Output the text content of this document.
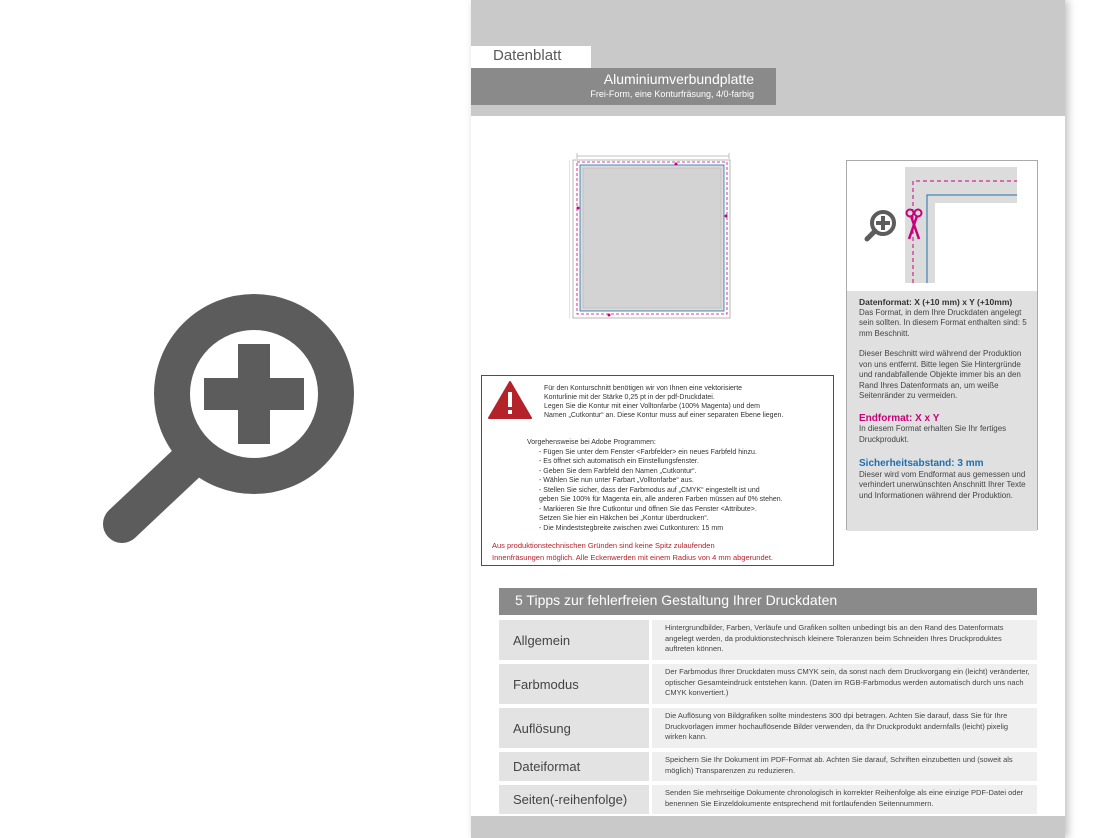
Datenblatt
Aluminiumverbundplatte
Frei-Form, eine Konturfräsung, 4/0-farbig

Datenformat: X (+10 mm) x Y (+10mm)

Das Format, in dem Ihre Druckdaten angelegt sein sollten. In diesem Format enthalten sind: 5 mm Beschnitt.

Dieser Beschnitt wird während der Produktion von uns entfernt. Bitte legen Sie Hintergründe und randabfallende Objekte immer bis an den Rand Ihres Datenformats an, um weiße Seitenränder zu vermeiden.

Endformat: X x Y

In diesem Format erhalten Sie Ihr fertiges Druckprodukt.

Sicherheitsabstand: 3 mm

Dieser wird vom Endformat aus gemessen und verhindert unerwünschten Anschnitt Ihrer Texte und Informationen während der Produktion.

Für den Konturschnitt benötigen wir von Ihnen eine vektorisierte
Konturlinie mit der Stärke 0,25 pt in der pdf-Druckdatei.
Legen Sie die Kontur mit einer Volltonfarbe (100% Magenta) und dem
Namen „Cutkontur“ an. Diese Kontur muss auf einer separaten Ebene liegen.
Vorgehensweise bei Adobe Programmen:
- Fügen Sie unter dem Fenster <Farbfelder> ein neues Farbfeld hinzu.
- Es öffnet sich automatisch ein Einstellungsfenster.
- Geben Sie dem Farbfeld den Namen „Cutkontur“.
- Wählen Sie nun unter Farbart „Volltonfarbe“ aus.
- Stellen Sie sicher, dass der Farbmodus auf „CMYK“ eingestellt ist und
geben Sie 100% für Magenta ein, alle anderen Farben müssen auf 0% stehen.
- Markieren Sie Ihre Cutkontur und öffnen Sie das Fenster <Attribute>.
Setzen Sie hier ein Häkchen bei „Kontur überdrucken“.
- Die Mindeststegbreite zwischen zwei Cutkonturen: 15 mm
Aus produktionstechnischen Gründen sind keine Spitz zulaufenden
Innenfräsungen möglich. Alle Eckenwerden mit einem Radius von 4 mm abgerundet.
5 Tipps zur fehlerfreien Gestaltung Ihrer Druckdaten
Allgemein
Hintergrundbilder, Farben, Verläufe und Grafiken sollten unbedingt bis an den Rand des Datenformats angelegt werden, da produktionstechnisch kleinere Toleranzen beim Schneiden Ihres Druckproduktes auftreten können.
Farbmodus
Der Farbmodus Ihrer Druckdaten muss CMYK sein, da sonst nach dem Druckvorgang ein (leicht) veränderter, optischer Gesamteindruck entstehen kann. (Daten im RGB-Farbmodus werden automatisch durch uns nach CMYK konvertiert.)
Auflösung
Die Auflösung von Bildgrafiken sollte mindestens 300 dpi betragen. Achten Sie darauf, dass Sie für Ihre Druckvorlagen immer hochauflösende Bilder verwenden, da Ihr Druckprodukt andernfalls (leicht) pixelig wirken kann.
Dateiformat	Speichern Sie Ihr Dokument im PDF-Format ab. Achten Sie darauf, Schriften einzubetten und (soweit als möglich) Transparenzen zu reduzieren.
Seiten(-reihenfolge)	Senden Sie mehrseitige Dokumente chronologisch in korrekter Reihenfolge als eine einzige PDF-Datei oder benennen Sie Einzeldokumente entsprechend mit fortlaufenden Seitennummern.
